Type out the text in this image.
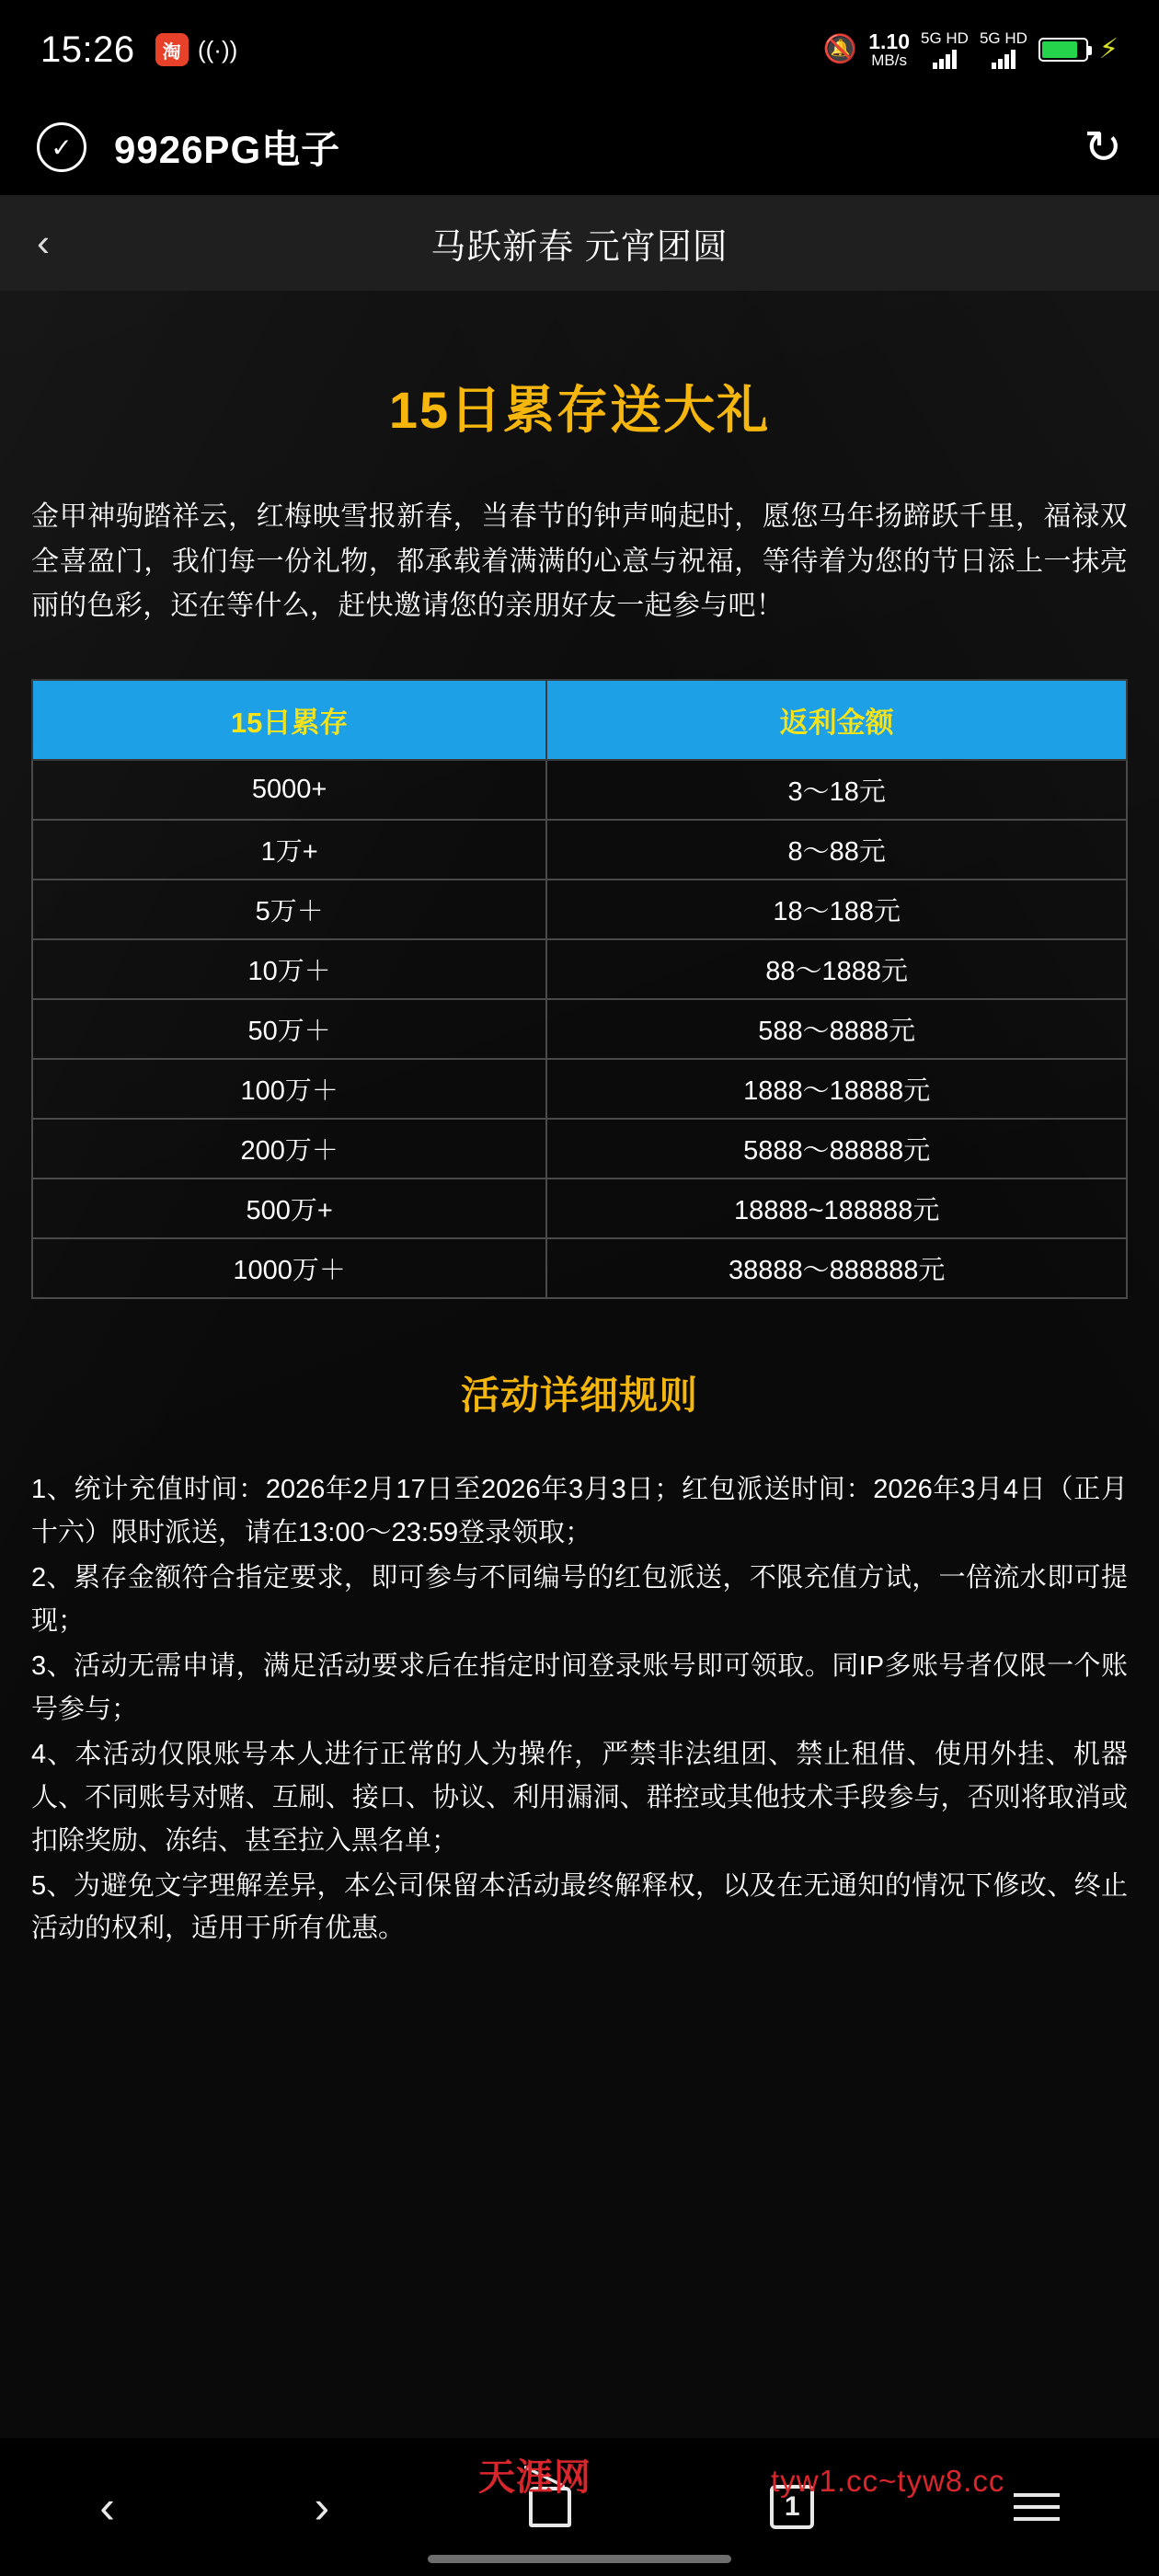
15:26	淘 ((·))	🔕 1.10
MB/s
5G HD 5G HD	⚡
✓	9926PG电子	↻
‹	马跃新春 元宵团圆
15日累存送大礼
金甲神驹踏祥云，红梅映雪报新春，当春节的钟声响起时，愿您马年扬蹄跃千里，福禄双全喜盈门，我们每一份礼物，都承载着满满的心意与祝福，等待着为您的节日添上一抹亮丽的色彩，还在等什么，赶快邀请您的亲朋好友一起参与吧！
15日累存	返利金额
5000+	3～18元
1万+	8～88元
5万＋	18～188元
10万＋	88～1888元
50万＋	588～8888元
100万＋	1888～18888元
200万＋	5888～88888元
500万+	18888~188888元
1000万＋	38888～888888元
活动详细规则

1、统计充值时间：2026年2月17日至2026年3月3日；红包派送时间：2026年3月4日（正月十六）限时派送，请在13:00～23:59登录领取；

2、累存金额符合指定要求，即可参与不同编号的红包派送，不限充值方试，一倍流水即可提现；

3、活动无需申请，满足活动要求后在指定时间登录账号即可领取。同IP多账号者仅限一个账号参与；

4、本活动仅限账号本人进行正常的人为操作，严禁非法组团、禁止租借、使用外挂、机器人、不同账号对赌、互刷、接口、协议、利用漏洞、群控或其他技术手段参与，否则将取消或扣除奖励、冻结、甚至拉入黑名单；

5、为避免文字理解差异，本公司保留本活动最终解释权，以及在无通知的情况下修改、终止活动的权利，适用于所有优惠。

‹	›	1
天涯网	tyw1.cc~tyw8.cc
